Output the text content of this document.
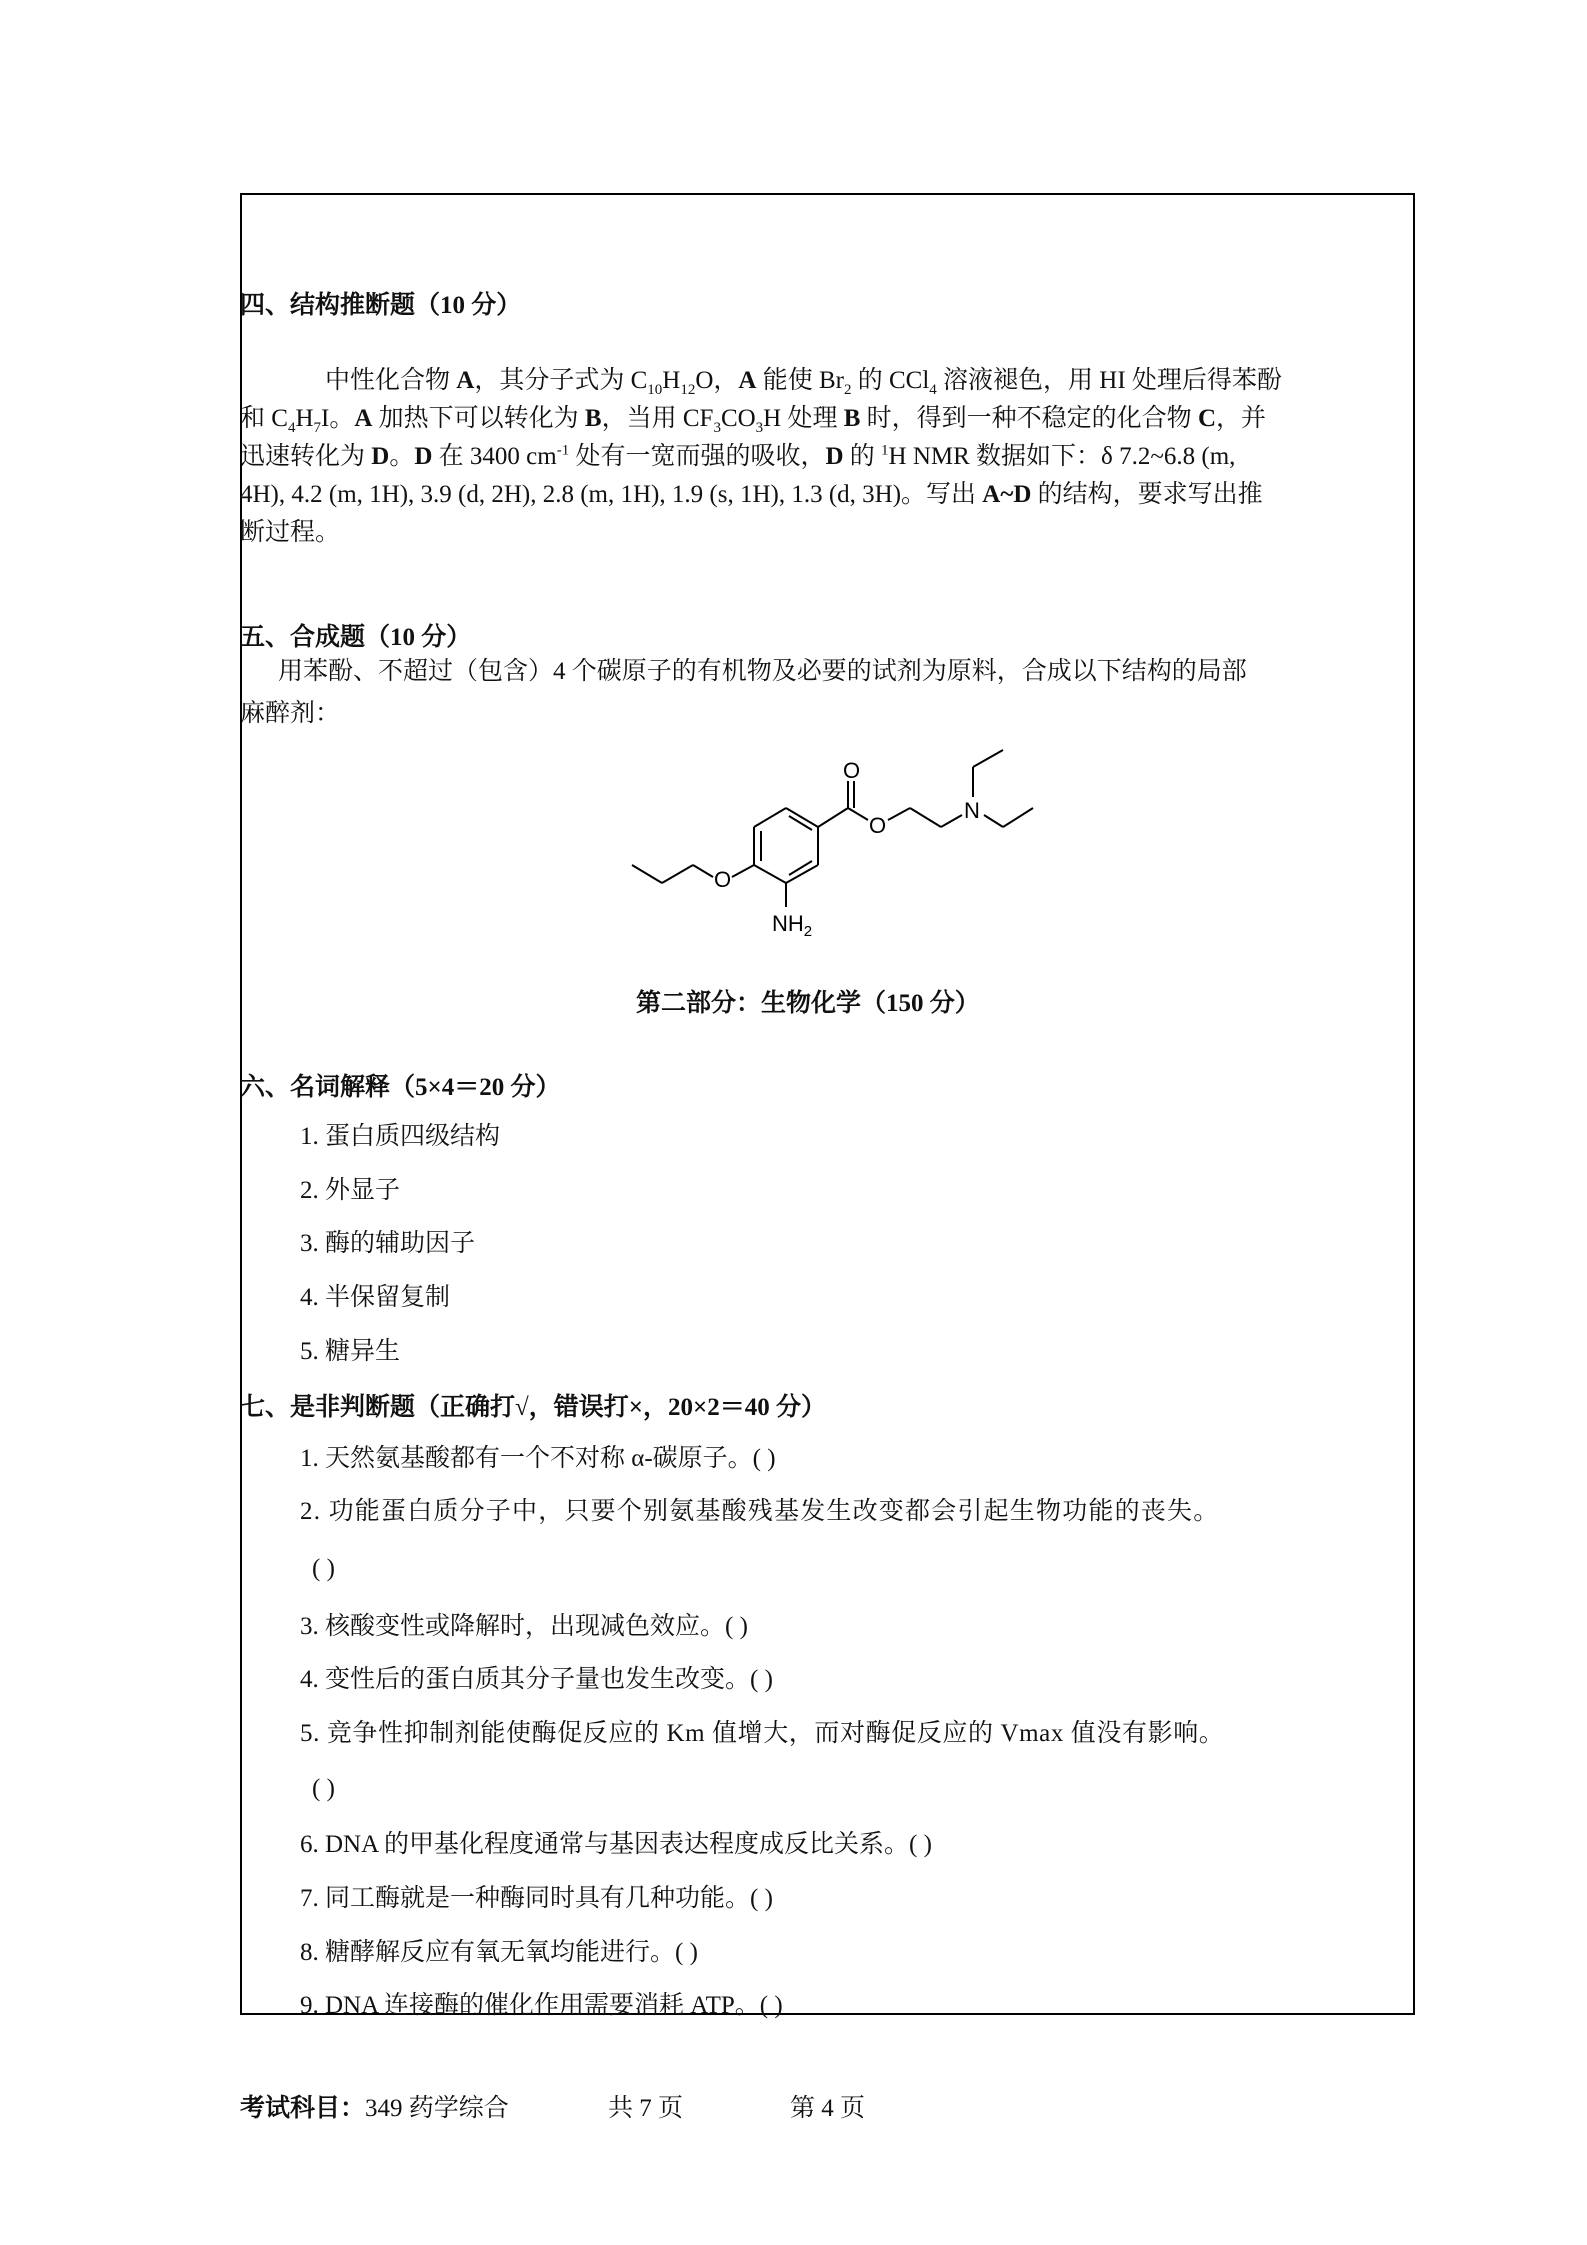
四、结构推断题（10 分）
中性化合物 A，其分子式为 $C_{10}H_{12}O$，A 能使 $Br_2$ 的 CCl$_4$ 溶液褪色，用 HI 处理后得苯酚
和 $C_4H_7I$。A 加热下可以转化为 B，当用 $CF_3CO_3H$ 处理 B 时，得到一种不稳定的化合物 C，并
迅速转化为 D。D 在 3400 $cm^{-1}$ 处有一宽而强的吸收，D 的 $^1$H NMR 数据如下：δ 7.2~6.8 (m,
4H), 4.2 (m, 1H), 3.9 (d, 2H), 2.8 (m, 1H), 1.9 (s, 1H), 1.3 (d, 3H)。写出 A~D 的结构，要求写出推
断过程。
五、合成题（10 分）
用苯酚、不超过（包含）4 个碳原子的有机物及必要的试剂为原料，合成以下结构的局部
麻醉剂：
O
O
O
N
$NH_2$
第二部分：生物化学（150 分）
六、名词解释（5×4＝20 分）
1. 蛋白质四级结构
2. 外显子
3. 酶的辅助因子
4. 半保留复制
5. 糖异生
七、是非判断题（正确打√，错误打×，20×2＝40 分）
1. 天然氨基酸都有一个不对称 α-碳原子。( )
2. 功能蛋白质分子中，只要个别氨基酸残基发生改变都会引起生物功能的丧失。
( )
3. 核酸变性或降解时，出现减色效应。( )
4. 变性后的蛋白质其分子量也发生改变。( )
5. 竞争性抑制剂能使酶促反应的 Km 值增大，而对酶促反应的 Vmax 值没有影响。
( )
6. DNA 的甲基化程度通常与基因表达程度成反比关系。( )
7. 同工酶就是一种酶同时具有几种功能。( )
8. 糖酵解反应有氧无氧均能进行。( )
9. DNA 连接酶的催化作用需要消耗 ATP。( )
考试科目：349 药学综合	共 7 页	第 4 页
